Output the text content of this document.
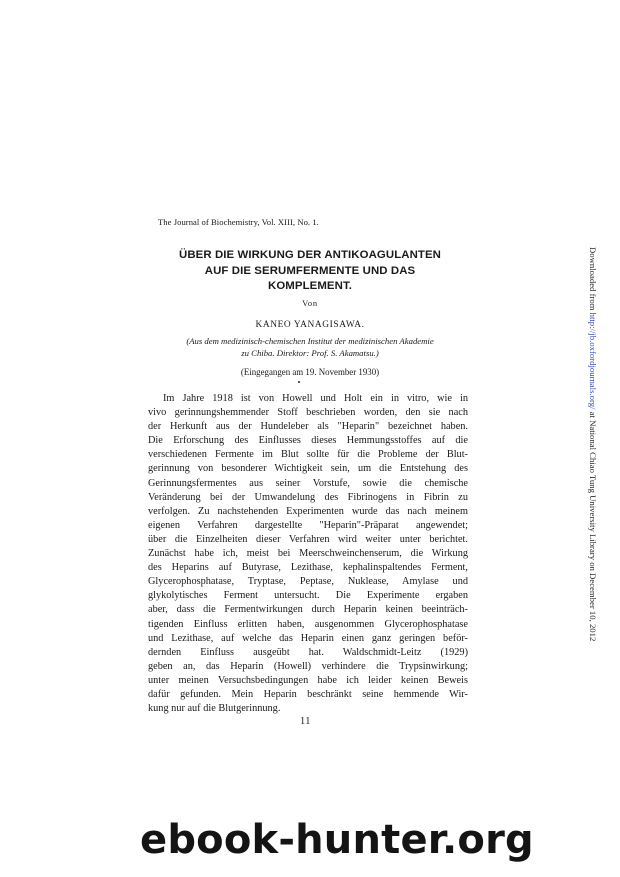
The Journal of Biochemistry, Vol. XIII, No. 1.
ÜBER DIE WIRKUNG DER ANTIKOAGULANTEN
AUF DIE SERUMFERMENTE UND DAS
KOMPLEMENT.
Von
KANEO YANAGISAWA.
(Aus dem medizinisch-chemischen Institut der medizinischen Akademie
zu Chiba. Direktor: Prof. S. Akamatsu.)
(Eingegangen am 19. November 1930)
Im Jahre 1918 ist von Howell und Holt ein in vitro, wie in
vivo gerinnungshemmender Stoff beschrieben worden, den sie nach
der Herkunft aus der Hundeleber als "Heparin" bezeichnet haben.
Die Erforschung des Einflusses dieses Hemmungsstoffes auf die
verschiedenen Fermente im Blut sollte für die Probleme der Blut-
gerinnung von besonderer Wichtigkeit sein, um die Entstehung des
Gerinnungsfermentes aus seiner Vorstufe, sowie die chemische
Veränderung bei der Umwandelung des Fibrinogens in Fibrin zu
verfolgen. Zu nachstehenden Experimenten wurde das nach meinem
eigenen Verfahren dargestellte "Heparin"-Präparat angewendet;
über die Einzelheiten dieser Verfahren wird weiter unter berichtet.
Zunächst habe ich, meist bei Meerschweinchenserum, die Wirkung
des Heparins auf Butyrase, Lezithase, kephalinspaltendes Ferment,
Glycerophosphatase, Tryptase, Peptase, Nuklease, Amylase und
glykolytisches Ferment untersucht. Die Experimente ergaben
aber, dass die Fermentwirkungen durch Heparin keinen beeinträch-
tigenden Einfluss erlitten haben, ausgenommen Glycerophosphatase
und Lezithase, auf welche das Heparin einen ganz geringen beför-
dernden Einfluss ausgeübt hat. Waldschmidt-Leitz (1929)
geben an, das Heparin (Howell) verhindere die Trypsinwirkung;
unter meinen Versuchsbedingungen habe ich leider keinen Beweis
dafür gefunden. Mein Heparin beschränkt seine hemmende Wir-
kung nur auf die Blutgerinnung.
11
Downloaded from http://jb.oxfordjournals.org/ at National Chiao Tung University Library on December 10, 2012
ebook-hunter.org
